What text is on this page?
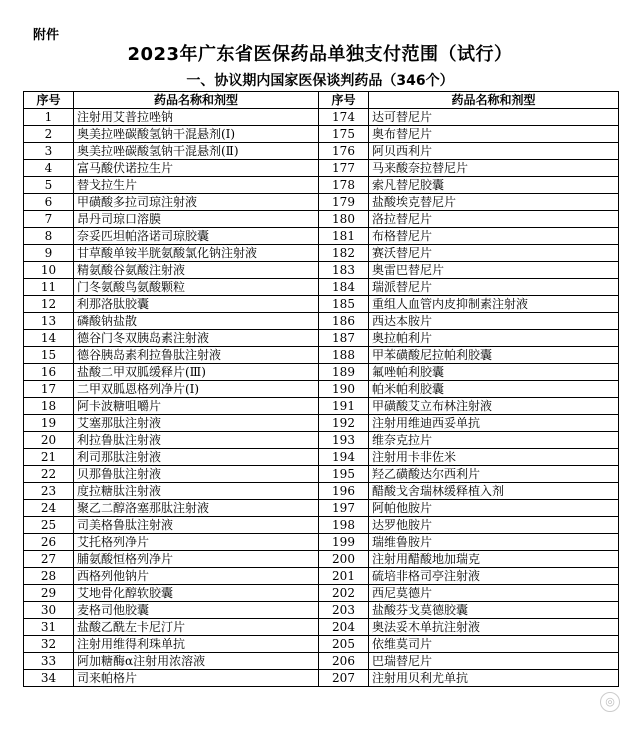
附件
2023年广东省医保药品单独支付范围（试行）
一、协议期内国家医保谈判药品（346个）
序号	药品名称和剂型	序号	药品名称和剂型
1	注射用艾普拉唑钠	174	达可替尼片
2	奥美拉唑碳酸氢钠干混悬剂(Ⅰ)	175	奥布替尼片
3	奥美拉唑碳酸氢钠干混悬剂(Ⅱ)	176	阿贝西利片
4	富马酸伏诺拉生片	177	马来酸奈拉替尼片
5	替戈拉生片	178	索凡替尼胶囊
6	甲磺酸多拉司琼注射液	179	盐酸埃克替尼片
7	昂丹司琼口溶膜	180	洛拉替尼片
8	奈妥匹坦帕洛诺司琼胶囊	181	布格替尼片
9	甘草酸单铵半胱氨酸氯化钠注射液	182	赛沃替尼片
10	精氨酸谷氨酸注射液	183	奥雷巴替尼片
11	门冬氨酸鸟氨酸颗粒	184	瑞派替尼片
12	利那洛肽胶囊	185	重组人血管内皮抑制素注射液
13	磷酸钠盐散	186	西达本胺片
14	德谷门冬双胰岛素注射液	187	奥拉帕利片
15	德谷胰岛素利拉鲁肽注射液	188	甲苯磺酸尼拉帕利胶囊
16	盐酸二甲双胍缓释片(Ⅲ)	189	氟唑帕利胶囊
17	二甲双胍恩格列净片(Ⅰ)	190	帕米帕利胶囊
18	阿卡波糖咀嚼片	191	甲磺酸艾立布林注射液
19	艾塞那肽注射液	192	注射用维迪西妥单抗
20	利拉鲁肽注射液	193	维奈克拉片
21	利司那肽注射液	194	注射用卡非佐米
22	贝那鲁肽注射液	195	羟乙磺酸达尔西利片
23	度拉糖肽注射液	196	醋酸戈舍瑞林缓释植入剂
24	聚乙二醇洛塞那肽注射液	197	阿帕他胺片
25	司美格鲁肽注射液	198	达罗他胺片
26	艾托格列净片	199	瑞维鲁胺片
27	脯氨酸恒格列净片	200	注射用醋酸地加瑞克
28	西格列他钠片	201	硫培非格司亭注射液
29	艾地骨化醇软胶囊	202	西尼莫德片
30	麦格司他胶囊	203	盐酸芬戈莫德胶囊
31	盐酸乙酰左卡尼汀片	204	奥法妥木单抗注射液
32	注射用维得利珠单抗	205	依维莫司片
33	阿加糖酶α注射用浓溶液	206	巴瑞替尼片
34	司来帕格片	207	注射用贝利尤单抗
◎
